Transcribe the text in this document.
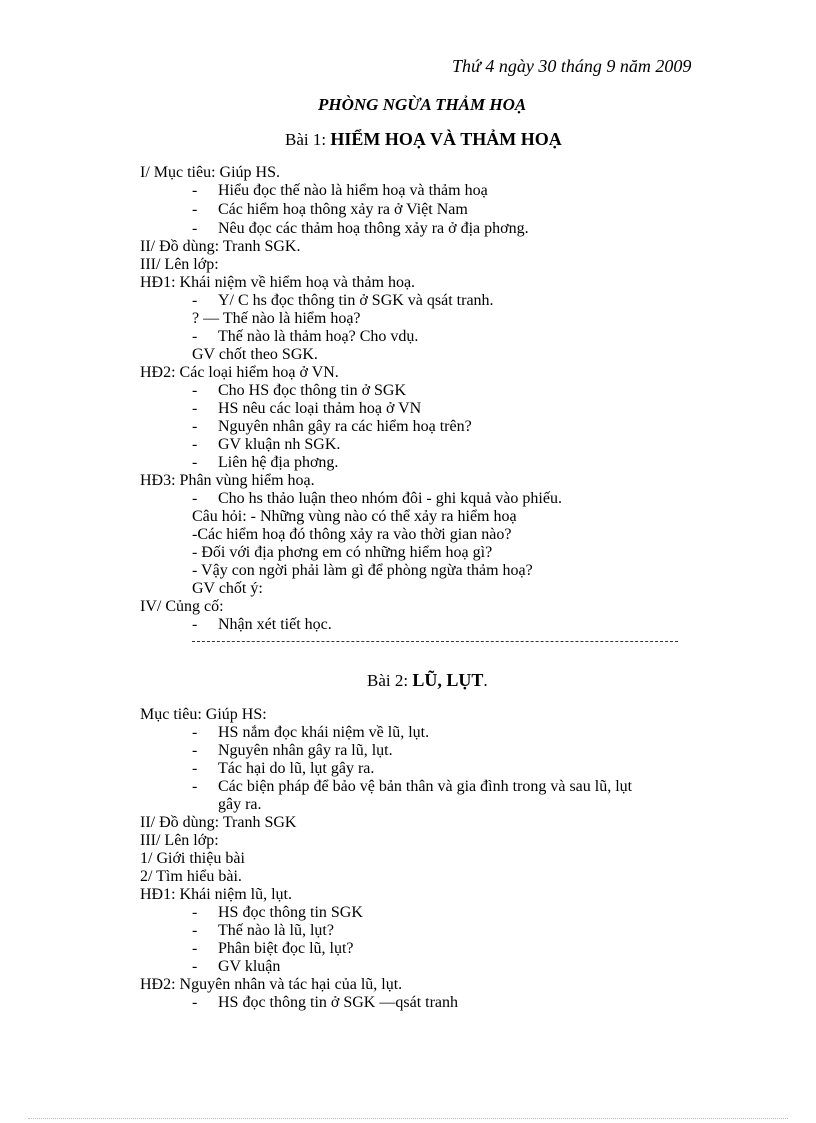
Thứ 4 ngày 30 tháng 9 năm 2009
PHÒNG NGỪA THẢM HOẠ
Bài 1: HIỂM HOẠ VÀ THẢM HOẠ
I/ Mục tiêu: Giúp HS.
- Hiểu đọc thế nào là hiểm hoạ và thảm hoạ
- Các hiểm hoạ thông xảy ra ở Việt Nam
- Nêu đọc các thảm hoạ thông xảy ra ở địa phơng.
II/ Đồ dùng: Tranh SGK.
III/ Lên lớp:
HĐ1: Khái niệm về hiểm hoạ và thảm hoạ.
- Y/ C hs đọc thông tin ở SGK và qsát tranh.
? — Thế nào là hiểm hoạ?
- Thế nào là thảm hoạ? Cho vdụ.
GV chốt theo SGK.
HĐ2: Các loại hiểm hoạ ở VN.
- Cho HS đọc thông tin ở SGK
- HS nêu các loại thảm hoạ ở VN
- Nguyên nhân gây ra các hiểm hoạ trên?
- GV kluận nh SGK.
- Liên hệ địa phơng.
HĐ3: Phân vùng hiểm hoạ.
- Cho hs thảo luận theo nhóm đôi - ghi kquả vào phiếu.
Câu hỏi: - Những vùng nào có thể xảy ra hiểm hoạ
-Các hiểm hoạ đó thông xảy ra vào thời gian nào?
- Đối với địa phơng em có những hiểm hoạ gì?
- Vậy con ngời phải làm gì để phòng ngừa thảm hoạ?
GV chốt ý:
IV/ Củng cố:
- Nhận xét tiết học.
Bài 2: LŨ, LỤT.
Mục tiêu: Giúp HS:
- HS nắm đọc khái niệm về lũ, lụt.
- Nguyên nhân gây ra lũ, lụt.
- Tác hại do lũ, lụt gây ra.
- Các biện pháp để bảo vệ bản thân và gia đình trong và sau lũ, lụt
gây ra.
II/ Đồ dùng: Tranh SGK
III/ Lên lớp:
1/ Giới thiệu bài
2/ Tìm hiểu bài.
HĐ1: Khái niệm lũ, lụt.
- HS đọc thông tin SGK
- Thế nào là lũ, lụt?
- Phân biệt đọc lũ, lụt?
- GV kluận
HĐ2: Nguyên nhân và tác hại của lũ, lụt.
- HS đọc thông tin ở SGK —qsát tranh
